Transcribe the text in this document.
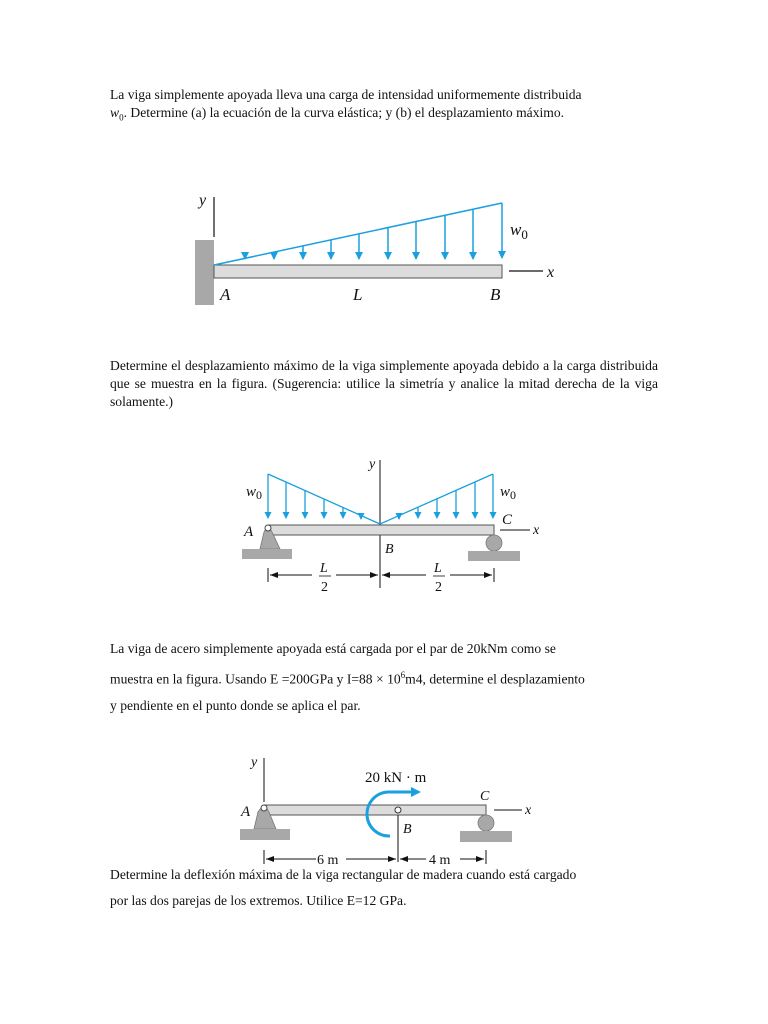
La viga simplemente apoyada lleva una carga de intensidad uniformemente distribuida

$w_0$. Determine (a) la ecuación de la curva elástica; y (b) el desplazamiento máximo.

y
x
$w_0$
A	L	B

Determine el desplazamiento máximo de la viga simplemente apoyada debido a la carga distribuida que se muestra en la figura. (Sugerencia: utilice la simetría y analice la mitad derecha de la viga solamente.)

y
$w_0$	$w_0$
x
A
B
C
L
2
L
2

La viga de acero simplemente apoyada está cargada por el par de 20kNm como se

muestra en la figura. Usando E =200GPa y $I=88 \times 10^6m4$, determine el desplazamiento

y pendiente en el punto donde se aplica el par.

y
20 kN · m
x
A
B
C
6 m	4 m

Determine la deflexión máxima de la viga rectangular de madera cuando está cargado

por las dos parejas de los extremos. Utilice E=12 GPa.
